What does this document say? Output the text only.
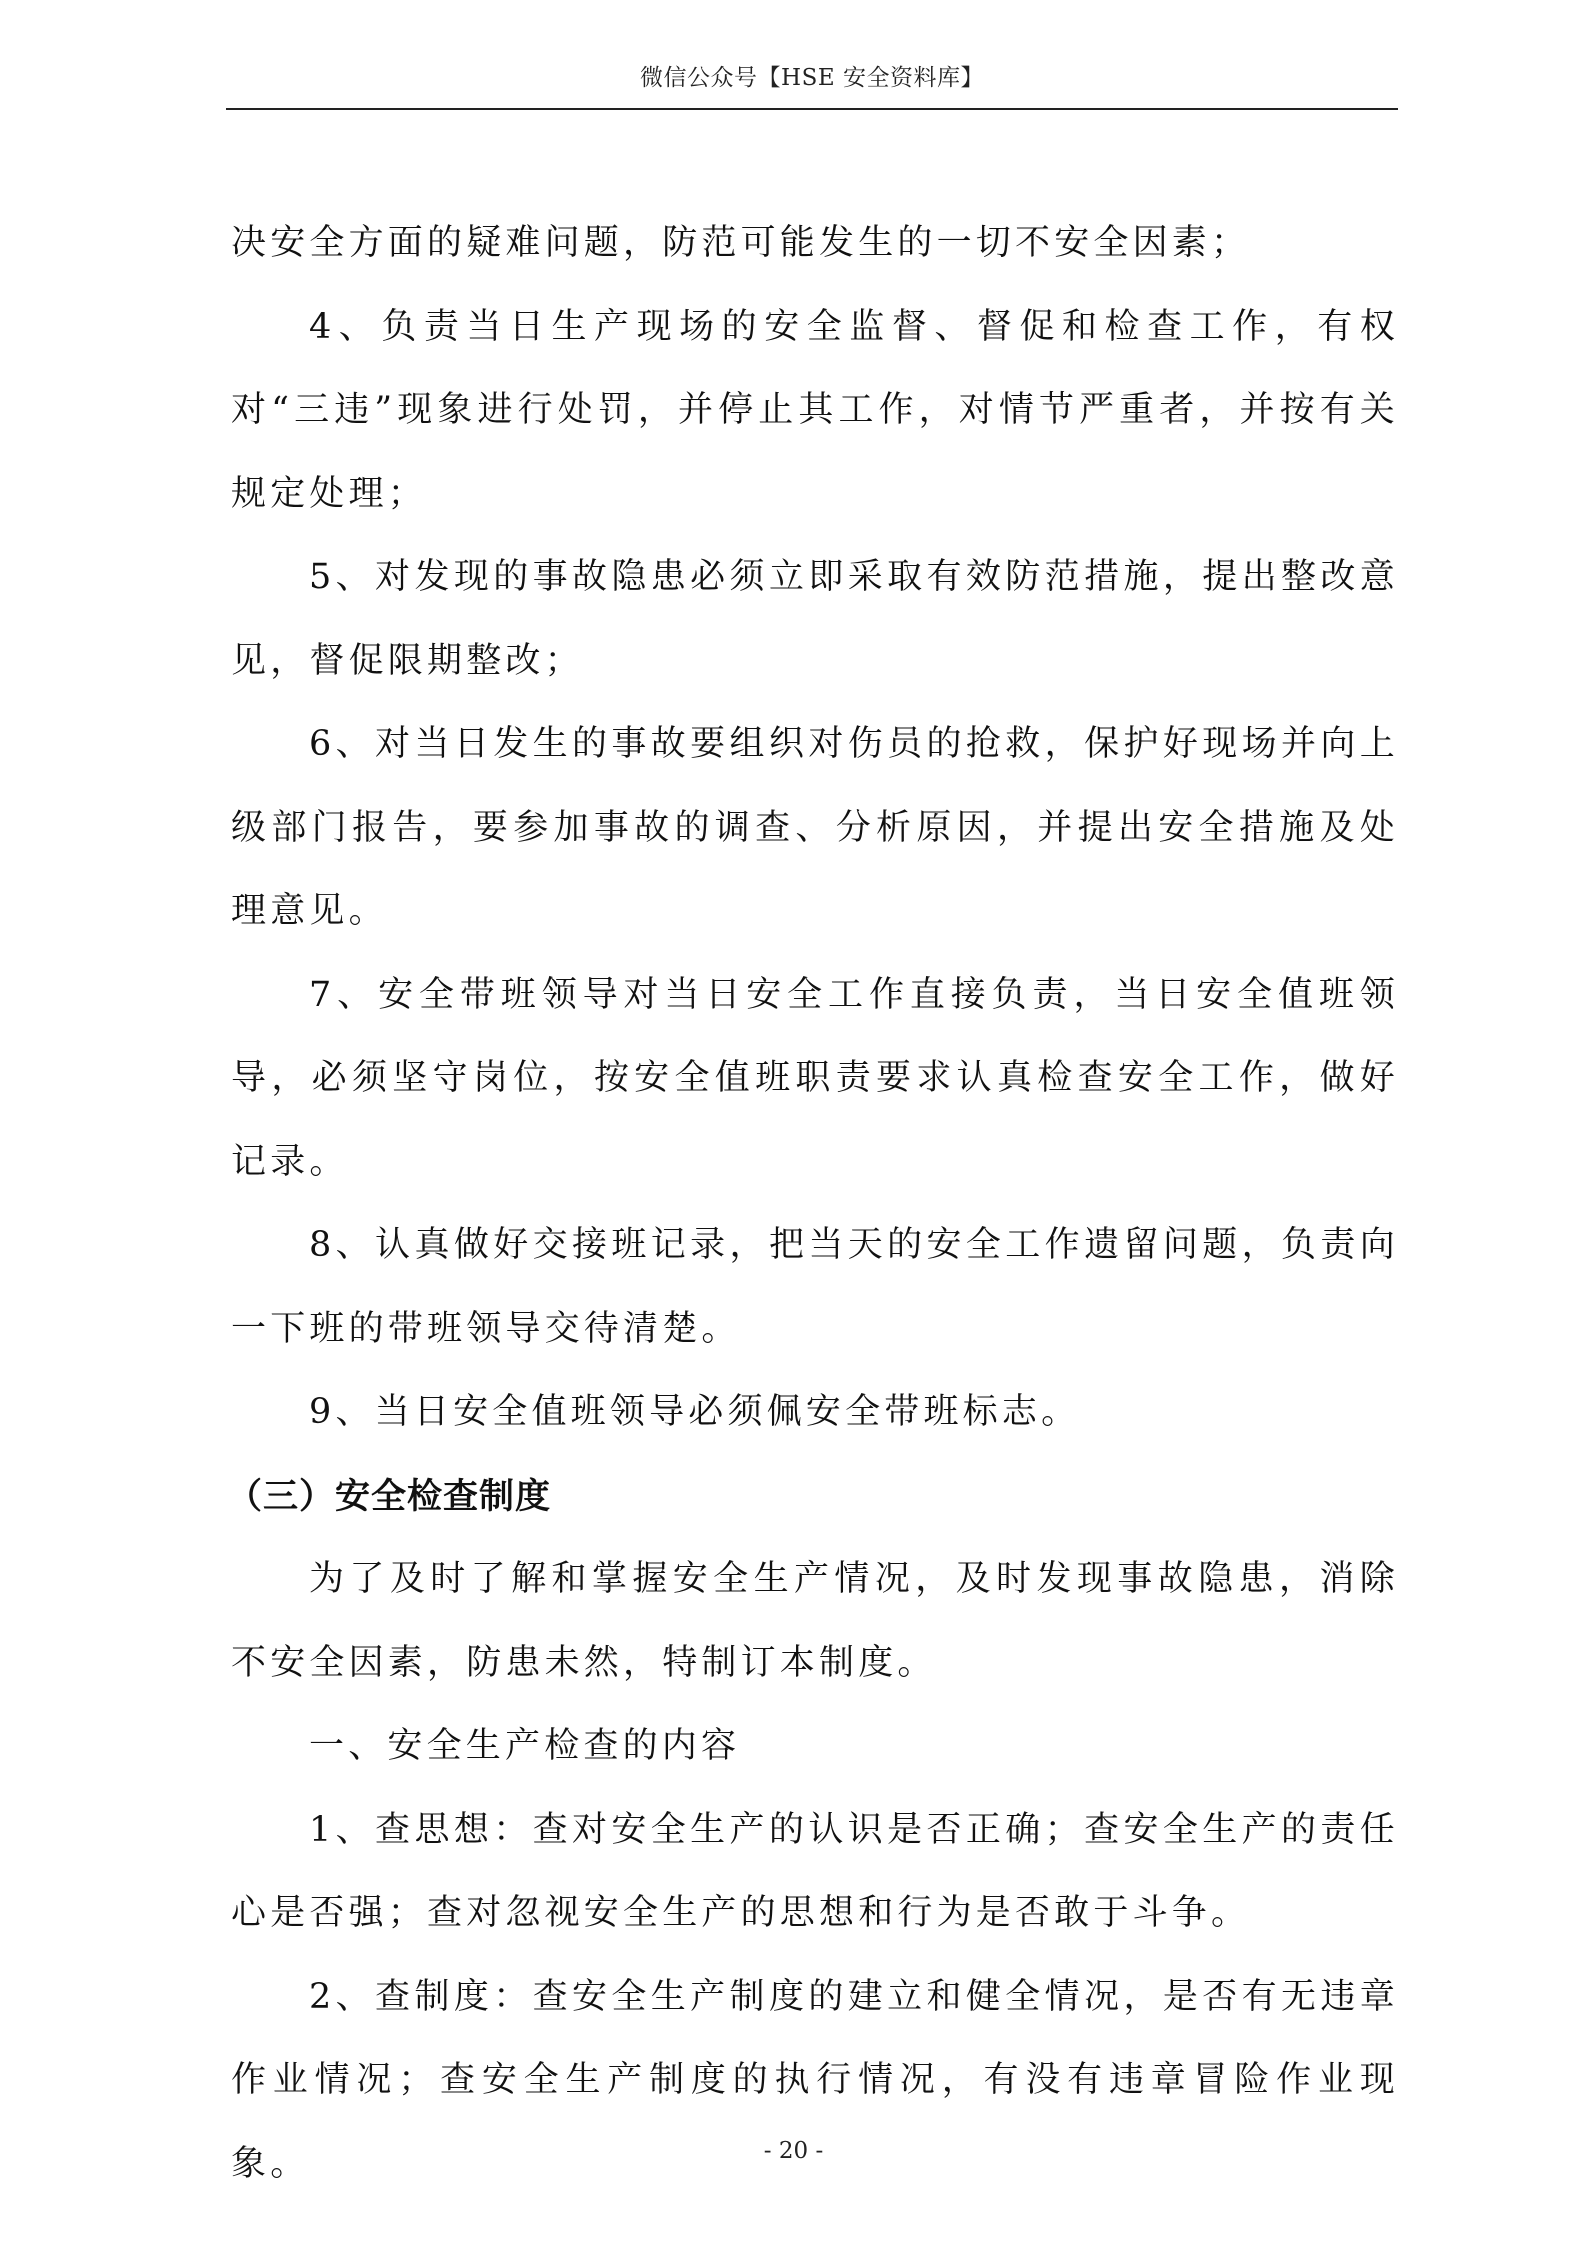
微信公众号【HSE 安全资料库】

决安全方面的疑难问题，防范可能发生的一切不安全因素；

4、负责当日生产现场的安全监督、督促和检查工作，有权对“三违”现象进行处罚，并停止其工作，对情节严重者，并按有关规定处理；

5、对发现的事故隐患必须立即采取有效防范措施，提出整改意见，督促限期整改；

6、对当日发生的事故要组织对伤员的抢救，保护好现场并向上级部门报告，要参加事故的调查、分析原因，并提出安全措施及处理意见。

7、安全带班领导对当日安全工作直接负责，当日安全值班领导，必须坚守岗位，按安全值班职责要求认真检查安全工作，做好记录。

8、认真做好交接班记录，把当天的安全工作遗留问题，负责向一下班的带班领导交待清楚。

9、当日安全值班领导必须佩安全带班标志。

（三）安全检查制度

为了及时了解和掌握安全生产情况，及时发现事故隐患，消除不安全因素，防患未然，特制订本制度。

一、安全生产检查的内容

1、查思想：查对安全生产的认识是否正确；查安全生产的责任心是否强；查对忽视安全生产的思想和行为是否敢于斗争。

2、查制度：查安全生产制度的建立和健全情况，是否有无违章作业情况；查安全生产制度的执行情况，有没有违章冒险作业现象。	- 20 -
